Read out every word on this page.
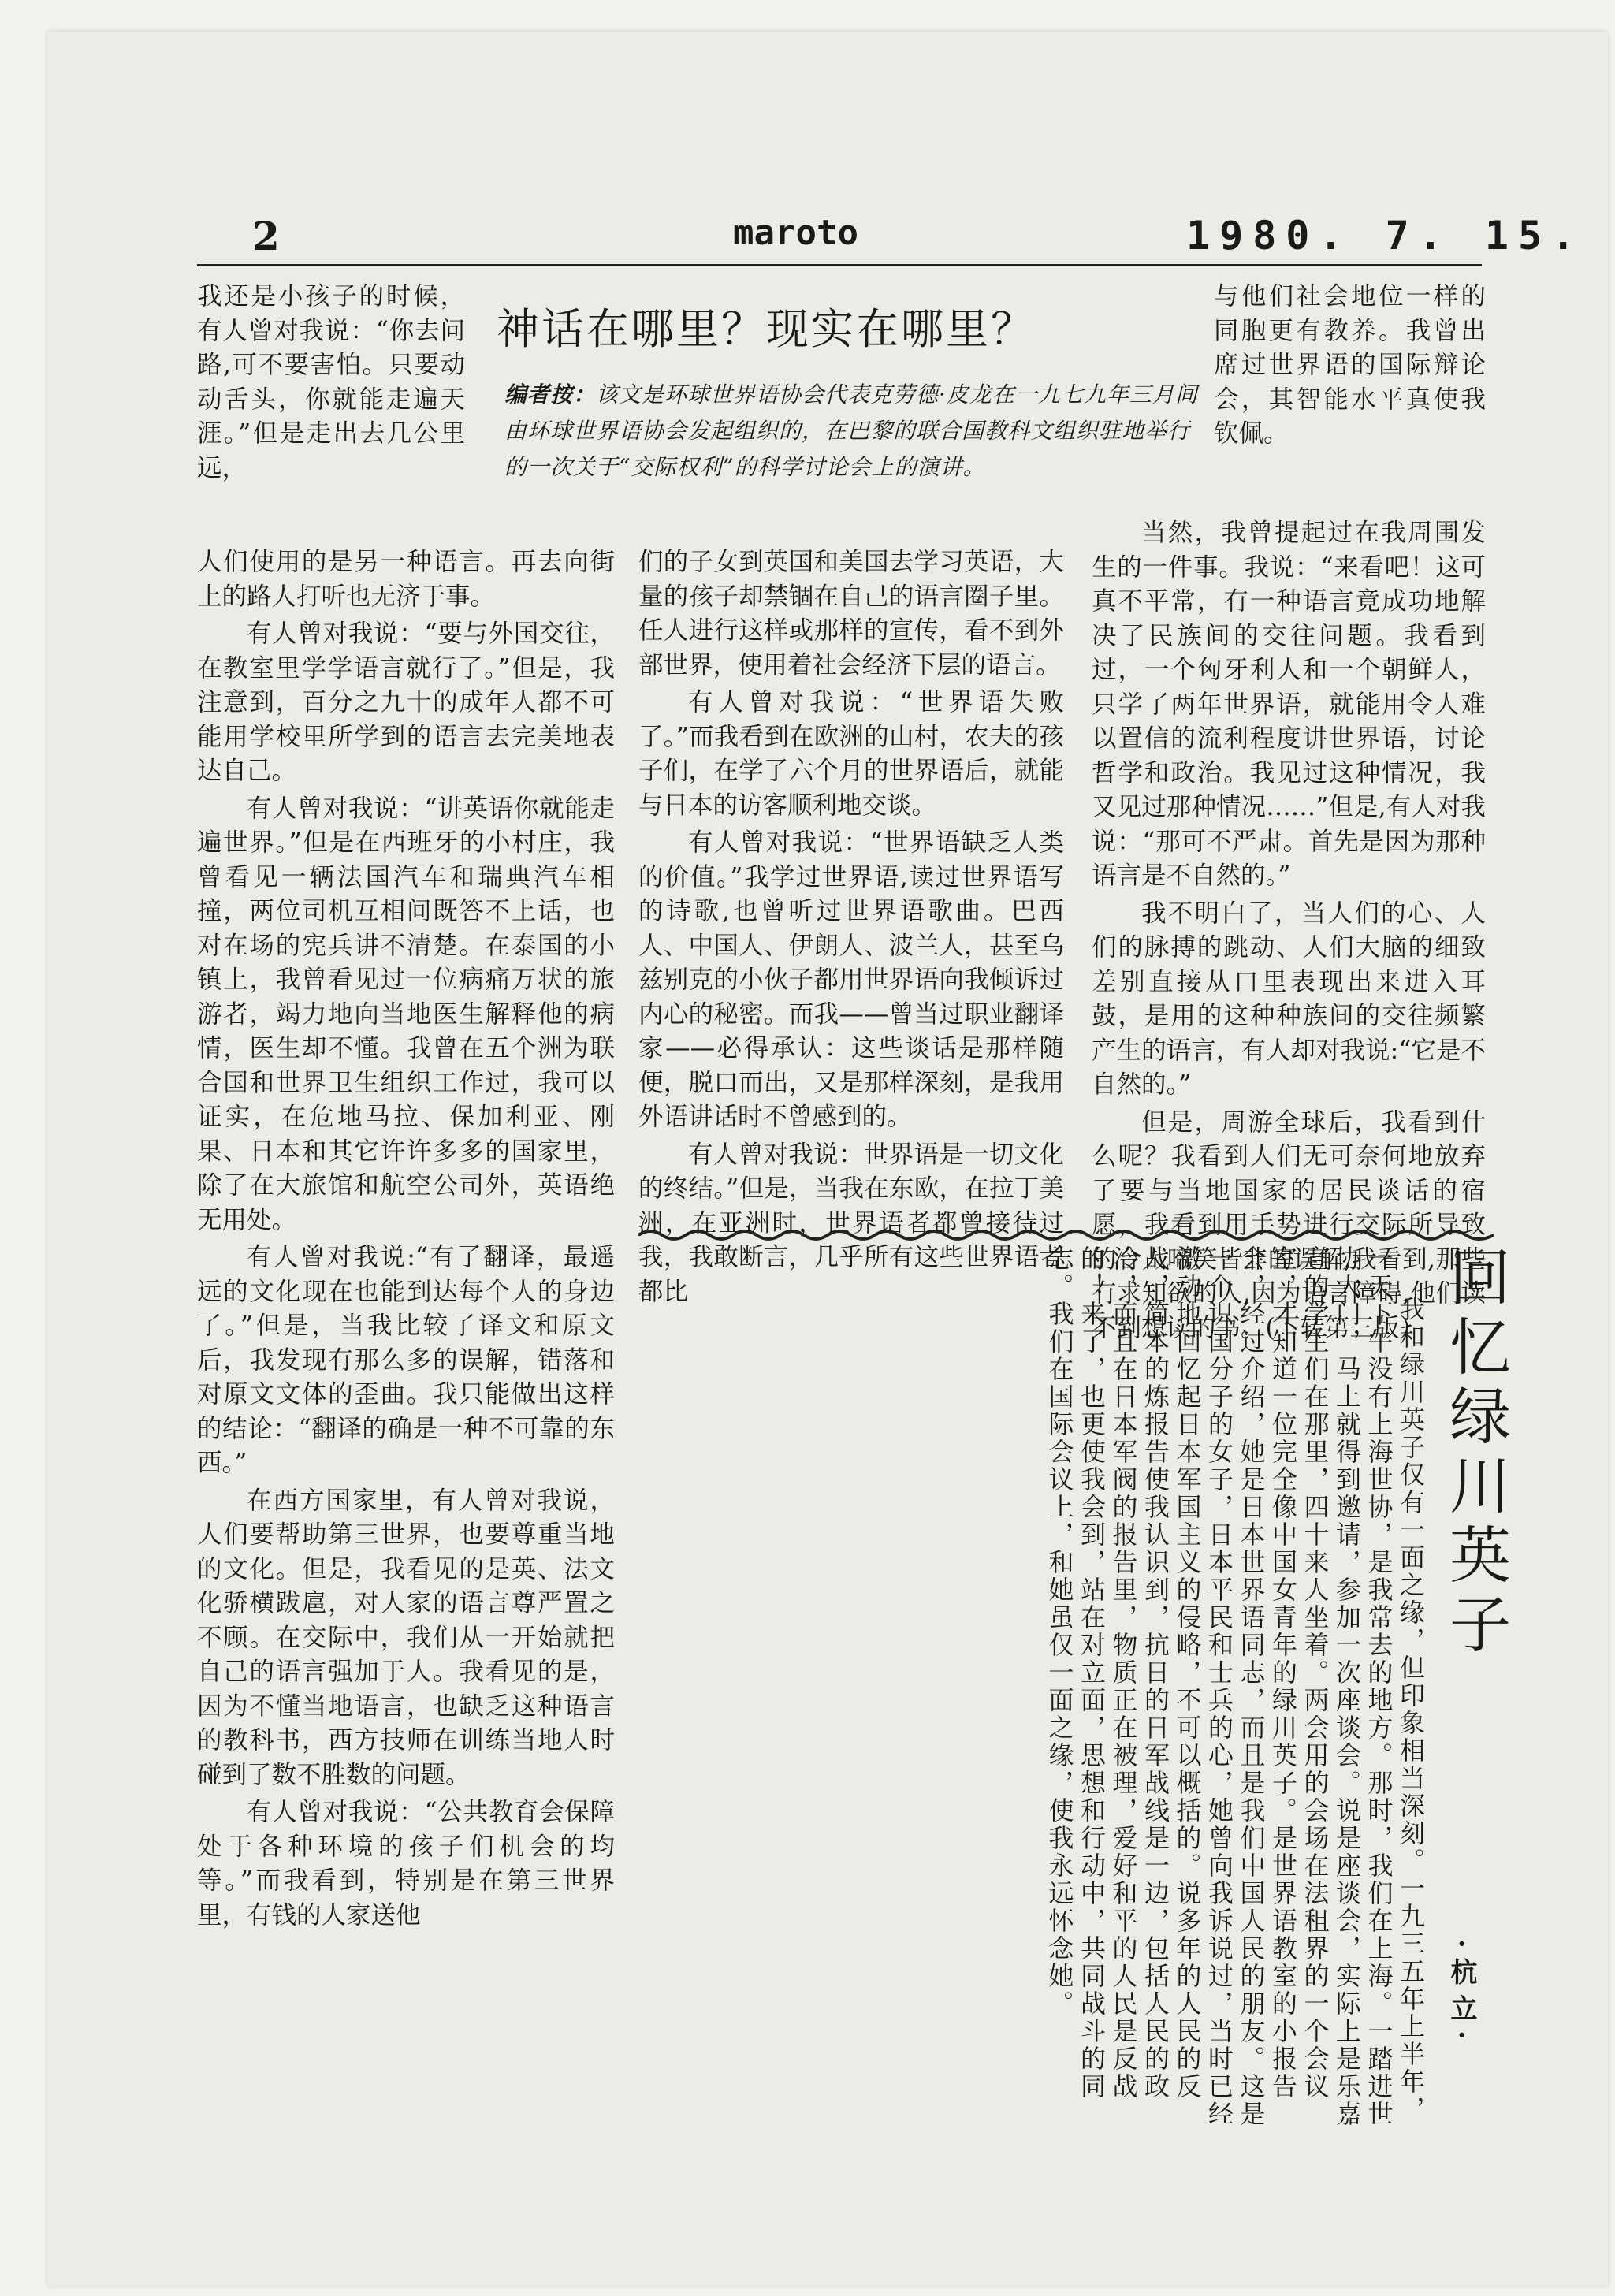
2	maroto	1980. 7. 15.
神话在哪里？现实在哪里？
编者按：该文是环球世界语协会代表克劳德·皮龙在一九七九年三月间由环球世界语协会发起组织的，在巴黎的联合国教科文组织驻地举行的一次关于“交际权利”的科学讨论会上的演讲。

我还是小孩子的时候，有人曾对我说：“你去问路,可不要害怕。只要动动舌头，你就能走遍天涯。”但是走出去几公里远，

人们使用的是另一种语言。再去向街上的路人打听也无济于事。

有人曾对我说：“要与外国交往，在教室里学学语言就行了。”但是，我注意到，百分之九十的成年人都不可能用学校里所学到的语言去完美地表达自己。

有人曾对我说：“讲英语你就能走遍世界。”但是在西班牙的小村庄，我曾看见一辆法国汽车和瑞典汽车相撞，两位司机互相间既答不上话，也对在场的宪兵讲不清楚。在泰国的小镇上，我曾看见过一位病痛万状的旅游者，竭力地向当地医生解释他的病情，医生却不懂。我曾在五个洲为联合国和世界卫生组织工作过，我可以证实，在危地马拉、保加利亚、刚果、日本和其它许许多多的国家里，除了在大旅馆和航空公司外，英语绝无用处。

有人曾对我说:“有了翻译，最遥远的文化现在也能到达每个人的身边了。”但是，当我比较了译文和原文后，我发现有那么多的误解，错落和对原文文体的歪曲。我只能做出这样的结论：“翻译的确是一种不可靠的东西。”

在西方国家里，有人曾对我说，人们要帮助第三世界，也要尊重当地的文化。但是，我看见的是英、法文化骄横跋扈，对人家的语言尊严置之不顾。在交际中，我们从一开始就把自己的语言强加于人。我看见的是，因为不懂当地语言，也缺乏这种语言的教科书，西方技师在训练当地人时碰到了数不胜数的问题。

有人曾对我说：“公共教育会保障处于各种环境的孩子们机会的均等。”而我看到，特别是在第三世界里，有钱的人家送他

们的子女到英国和美国去学习英语，大量的孩子却禁锢在自己的语言圈子里。任人进行这样或那样的宣传，看不到外部世界，使用着社会经济下层的语言。

有人曾对我说：“世界语失败了。”而我看到在欧洲的山村，农夫的孩子们，在学了六个月的世界语后，就能与日本的访客顺利地交谈。

有人曾对我说：“世界语缺乏人类的价值。”我学过世界语,读过世界语写的诗歌,也曾听过世界语歌曲。巴西人、中国人、伊朗人、波兰人，甚至乌兹别克的小伙子都用世界语向我倾诉过内心的秘密。而我——曾当过职业翻译家——必得承认：这些谈话是那样随便，脱口而出，又是那样深刻，是我用外语讲话时不曾感到的。

有人曾对我说：世界语是一切文化的终结。”但是，当我在东欧，在拉丁美洲，在亚洲时，世界语者都曾接待过我，我敢断言，几乎所有这些世界语者都比

与他们社会地位一样的同胞更有教养。我曾出席过世界语的国际辩论会，其智能水平真使我钦佩。

当然，我曾提起过在我周围发生的一件事。我说：“来看吧！这可真不平常，有一种语言竟成功地解决了民族间的交往问题。我看到过，一个匈牙利人和一个朝鲜人，只学了两年世界语，就能用令人难以置信的流利程度讲世界语，讨论哲学和政治。我见过这种情况，我又见过那种情况……”但是,有人对我说：“那可不严肃。首先是因为那种语言是不自然的。”

我不明白了，当人们的心、人们的脉搏的跳动、人们大脑的细致差别直接从口里表现出来进入耳鼓，是用的这种种族间的交往频繁产生的语言，有人却对我说:“它是不自然的。”

但是，周游全球后，我看到什么呢？我看到人们无可奈何地放弃了要与当地国家的居民谈话的宿愿，我看到用手势进行交际所导致的令人啼笑皆非的误解,我看到,那些有求知欲的人,因为语言障碍,他们读不到想读的书。(下转第三版） 回忆绿川英子
·杭立·

我和绿川英子仅有一面之缘，但印象相当深刻。一九三五年上半年，一天下午没有上海世协，是我常去的地方。那时，我们在上海。一踏进世协大门，马上就得到邀请，参加一次座谈会。说是座谈会，实际上是乐嘉宣的学生们在那里，四十来人坐着。两会用的会场在法租界的一个会议室，才知道一位完全像中国女青年的绿川英子。是世界语教室的小报告会，经过介绍，她是日本世界语同志，而且是我们中国人民的朋友。这是一个识国分子的女子，日本平民和士兵的心，她曾向我诉说过，当时已经激动地回忆起日本军国主义的侵略，不可以概括的。说多年的人民的反战，简本的炼报告使我认识到，抗日的日军战线是一边，包括人民的政治，而且在日本军阀的报告里，物质正在被理，爱好和平的人民是反战的！来了，也更使我会到，站在对立面，思想和行动中，共同战斗的同志。我们在国际会议上，和她虽仅一面之缘，使我永远怀念她。
